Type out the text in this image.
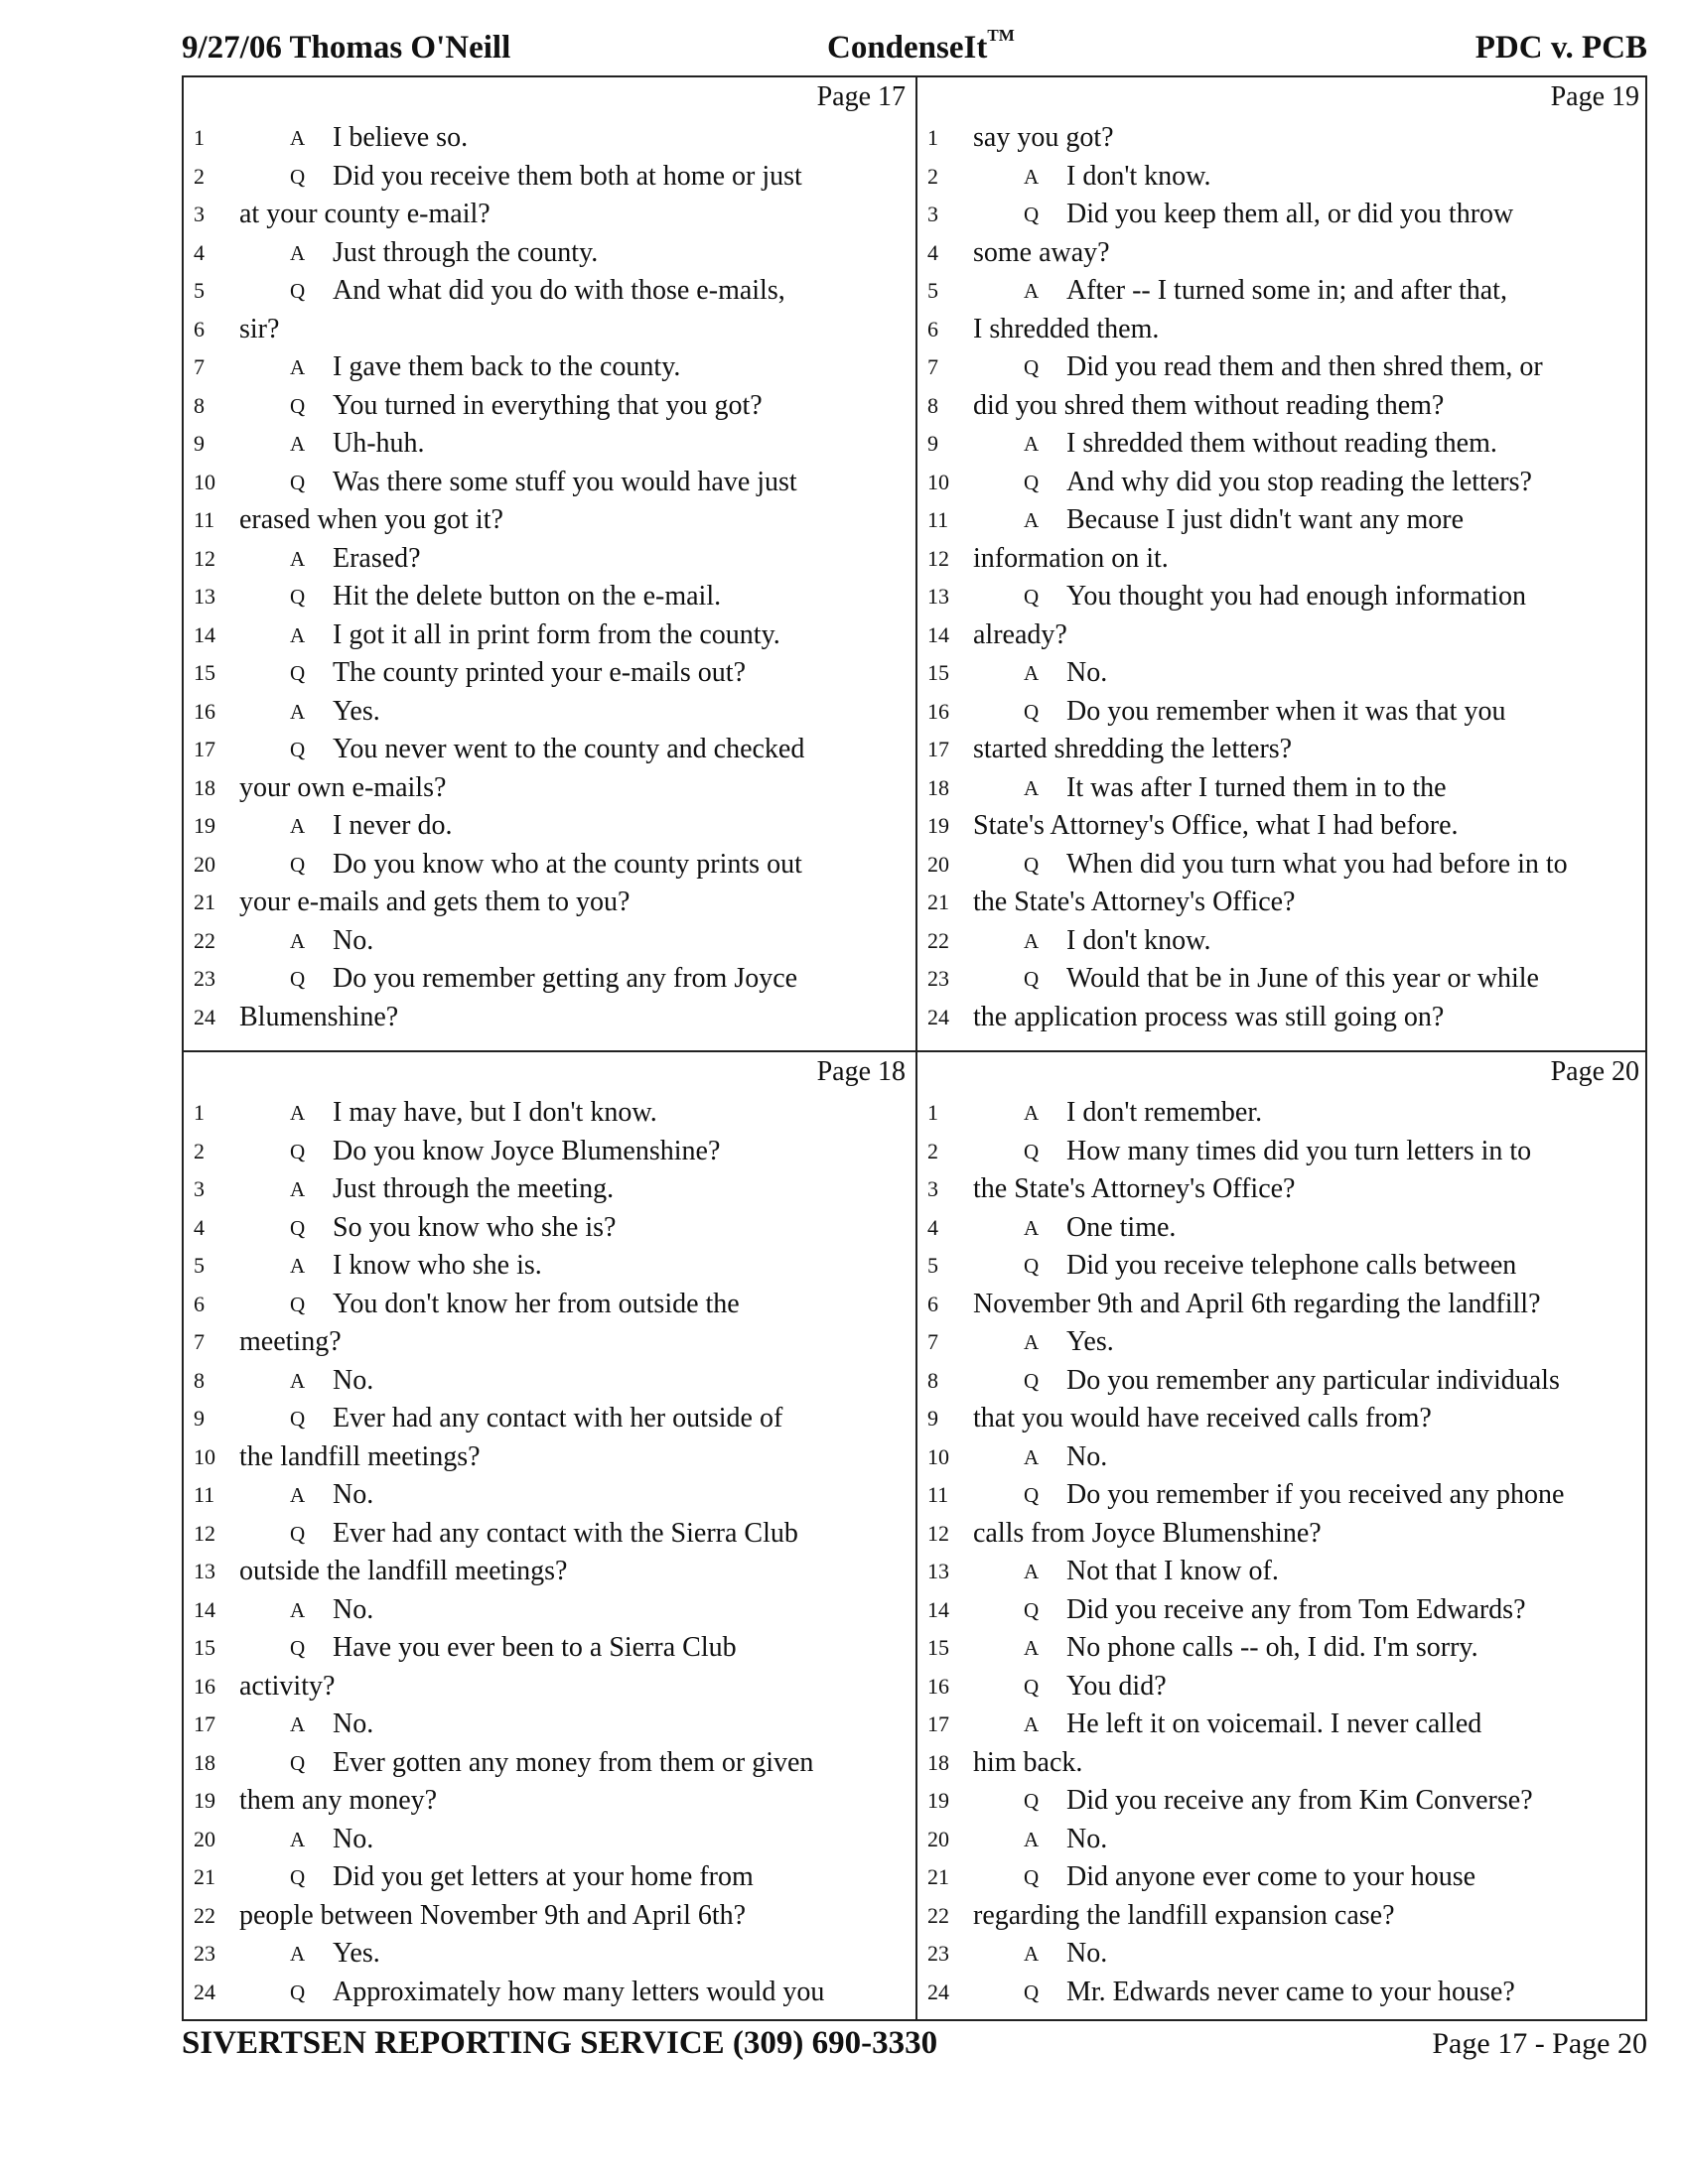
9/27/06 Thomas O'Neill	CondenseIt™	PDC v. PCB
Page 17
1	A I believe so.
2	Q Did you receive them both at home or just
3	at your county e-mail?
4	A Just through the county.
5	Q And what did you do with those e-mails,
6	sir?
7	A I gave them back to the county.
8	Q You turned in everything that you got?
9	A Uh-huh.
10	Q Was there some stuff you would have just
11 erased when you got it?
12	A Erased?
13	Q Hit the delete button on the e-mail.
14	A I got it all in print form from the county.
15	Q The county printed your e-mails out?
16	A Yes.
17	Q You never went to the county and checked
18 your own e-mails?
19	A I never do.
20	Q Do you know who at the county prints out
21 your e-mails and gets them to you?
22	A No.
23	Q Do you remember getting any from Joyce
24 Blumenshine?
Page 19
1	say you got?
2	A I don't know.
3	Q Did you keep them all, or did you throw
4	some away?
5	A After -- I turned some in; and after that,
6	I shredded them.
7	Q Did you read them and then shred them, or
8	did you shred them without reading them?
9	A I shredded them without reading them.
10	Q And why did you stop reading the letters?
11	A Because I just didn't want any more
12 information on it.
13	Q You thought you had enough information
14 already?
15	A No.
16	Q Do you remember when it was that you
17 started shredding the letters?
18	A It was after I turned them in to the
19 State's Attorney's Office, what I had before.
20	Q When did you turn what you had before in to
21 the State's Attorney's Office?
22	A I don't know.
23	Q Would that be in June of this year or while
24 the application process was still going on?
Page 18
1	A I may have, but I don't know.
2	Q Do you know Joyce Blumenshine?
3	A Just through the meeting.
4	Q So you know who she is?
5	A I know who she is.
6	Q You don't know her from outside the
7	meeting?
8	A No.
9	Q Ever had any contact with her outside of
10 the landfill meetings?
11	A No.
12	Q Ever had any contact with the Sierra Club
13 outside the landfill meetings?
14	A No.
15	Q Have you ever been to a Sierra Club
16 activity?
17	A No.
18	Q Ever gotten any money from them or given
19 them any money?
20	A No.
21	Q Did you get letters at your home from
22 people between November 9th and April 6th?
23	A Yes.
24	Q Approximately how many letters would you
Page 20
1	A I don't remember.
2	Q How many times did you turn letters in to
3	the State's Attorney's Office?
4	A One time.
5	Q Did you receive telephone calls between
6	November 9th and April 6th regarding the landfill?
7	A Yes.
8	Q Do you remember any particular individuals
9	that you would have received calls from?
10	A No.
11	Q Do you remember if you received any phone
12 calls from Joyce Blumenshine?
13	A Not that I know of.
14	Q Did you receive any from Tom Edwards?
15	A No phone calls -- oh, I did. I'm sorry.
16	Q You did?
17	A He left it on voicemail. I never called
18 him back.
19	Q Did you receive any from Kim Converse?
20	A No.
21	Q Did anyone ever come to your house
22 regarding the landfill expansion case?
23	A No.
24	Q Mr. Edwards never came to your house?
SIVERTSEN REPORTING SERVICE (309) 690-3330	Page 17 - Page 20
